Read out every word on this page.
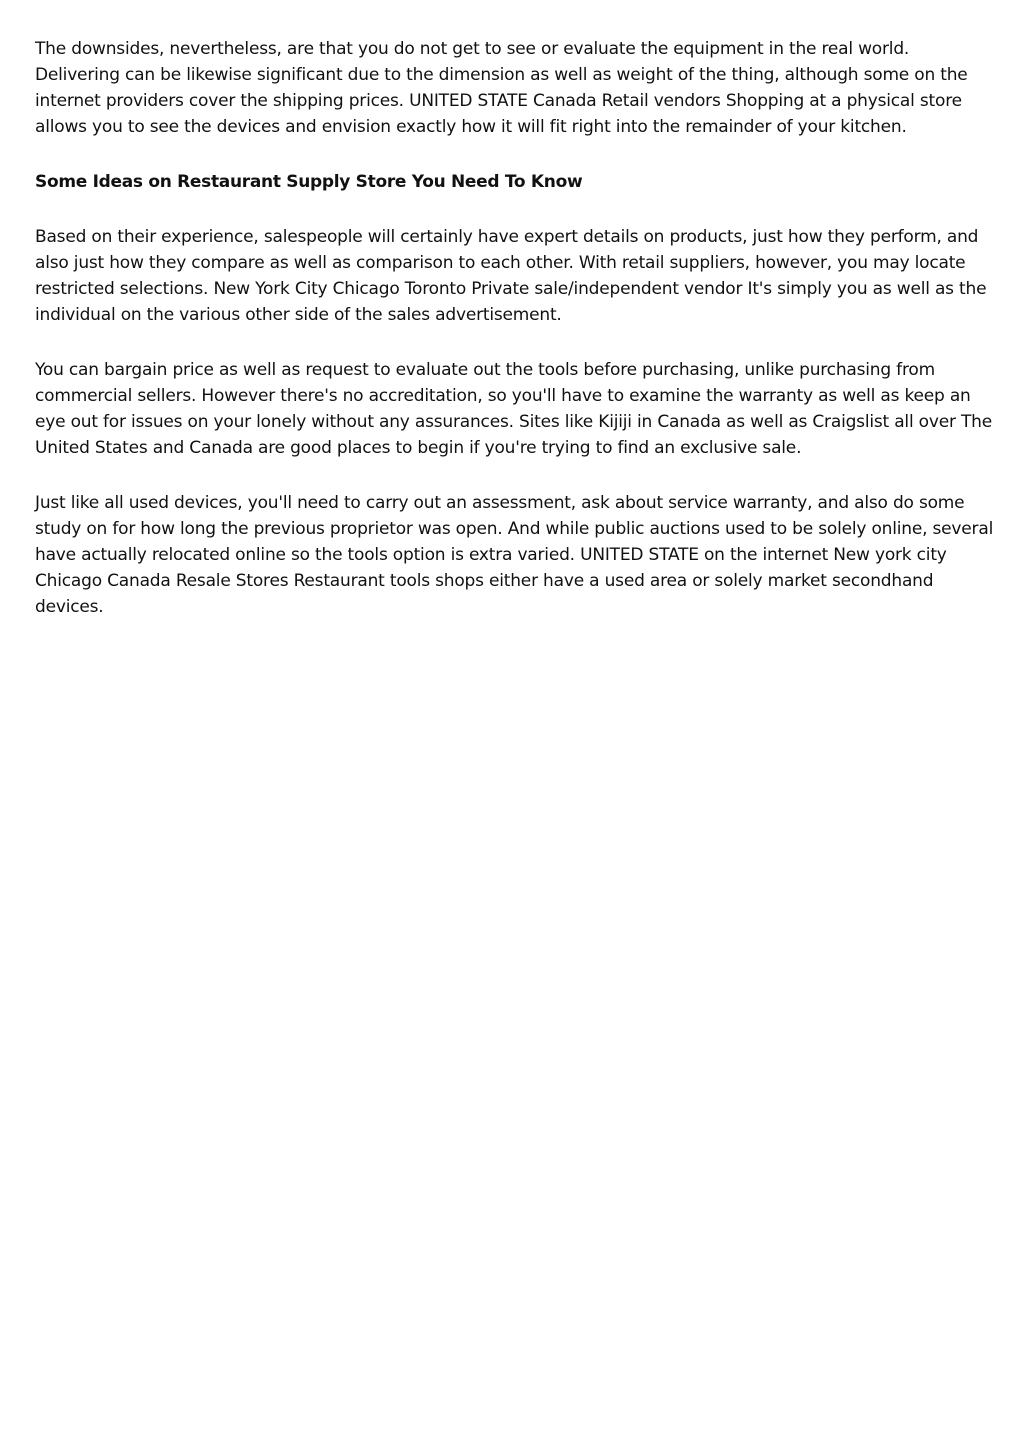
The downsides, nevertheless, are that you do not get to see or evaluate the equipment in the real world. Delivering can be likewise significant due to the dimension as well as weight of the thing, although some on the internet providers cover the shipping prices. UNITED STATE Canada Retail vendors Shopping at a physical store allows you to see the devices and envision exactly how it will fit right into the remainder of your kitchen.

Some Ideas on Restaurant Supply Store You Need To Know

Based on their experience, salespeople will certainly have expert details on products, just how they perform, and also just how they compare as well as comparison to each other. With retail suppliers, however, you may locate restricted selections. New York City Chicago Toronto Private sale/independent vendor It's simply you as well as the individual on the various other side of the sales advertisement.

You can bargain price as well as request to evaluate out the tools before purchasing, unlike purchasing from commercial sellers. However there's no accreditation, so you'll have to examine the warranty as well as keep an eye out for issues on your lonely without any assurances. Sites like Kijiji in Canada as well as Craigslist all over The United States and Canada are good places to begin if you're trying to find an exclusive sale.

Just like all used devices, you'll need to carry out an assessment, ask about service warranty, and also do some study on for how long the previous proprietor was open. And while public auctions used to be solely online, several have actually relocated online so the tools option is extra varied. UNITED STATE on the internet New york city Chicago Canada Resale Stores Restaurant tools shops either have a used area or solely market secondhand devices.
